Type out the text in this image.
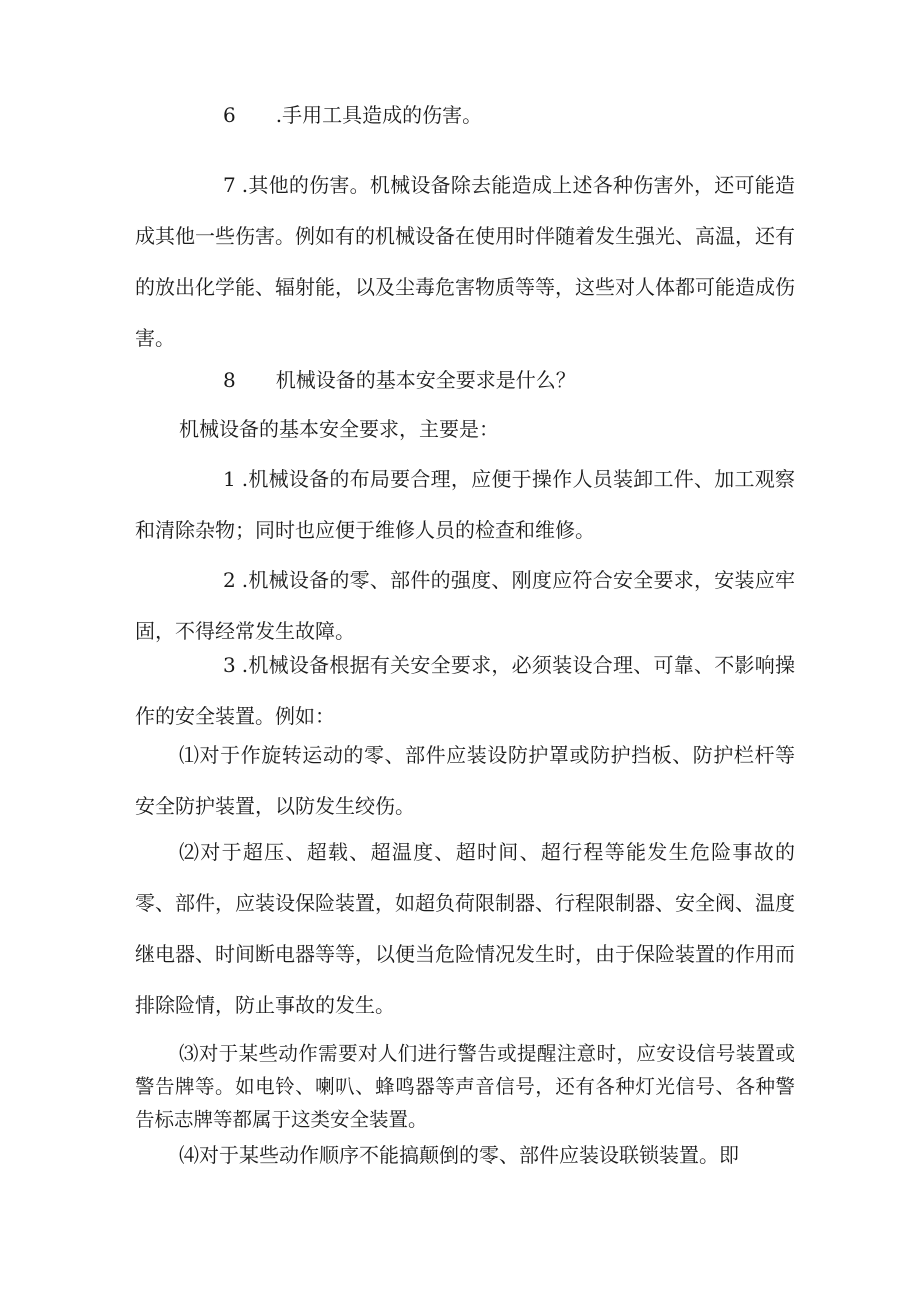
6 .手用工具造成的伤害。

7 .其他的伤害。机械设备除去能造成上述各种伤害外，还可能造成其他一些伤害。例如有的机械设备在使用时伴随着发生强光、高温，还有的放出化学能、辐射能，以及尘毒危害物质等等，这些对人体都可能造成伤害。

8 机械设备的基本安全要求是什么？

机械设备的基本安全要求，主要是：

1 .机械设备的布局要合理，应便于操作人员装卸工件、加工观察和清除杂物；同时也应便于维修人员的检查和维修。

2 .机械设备的零、部件的强度、刚度应符合安全要求，安装应牢固，不得经常发生故障。

3 .机械设备根据有关安全要求，必须装设合理、可靠、不影响操作的安全装置。例如：

⑴对于作旋转运动的零、部件应装设防护罩或防护挡板、防护栏杆等安全防护装置，以防发生绞伤。

⑵对于超压、超载、超温度、超时间、超行程等能发生危险事故的零、部件，应装设保险装置，如超负荷限制器、行程限制器、安全阀、温度继电器、时间断电器等等，以便当危险情况发生时，由于保险装置的作用而排除险情，防止事故的发生。

⑶对于某些动作需要对人们进行警告或提醒注意时，应安设信号装置或警告牌等。如电铃、喇叭、蜂鸣器等声音信号，还有各种灯光信号、各种警告标志牌等都属于这类安全装置。

⑷对于某些动作顺序不能搞颠倒的零、部件应装设联锁装置。即
